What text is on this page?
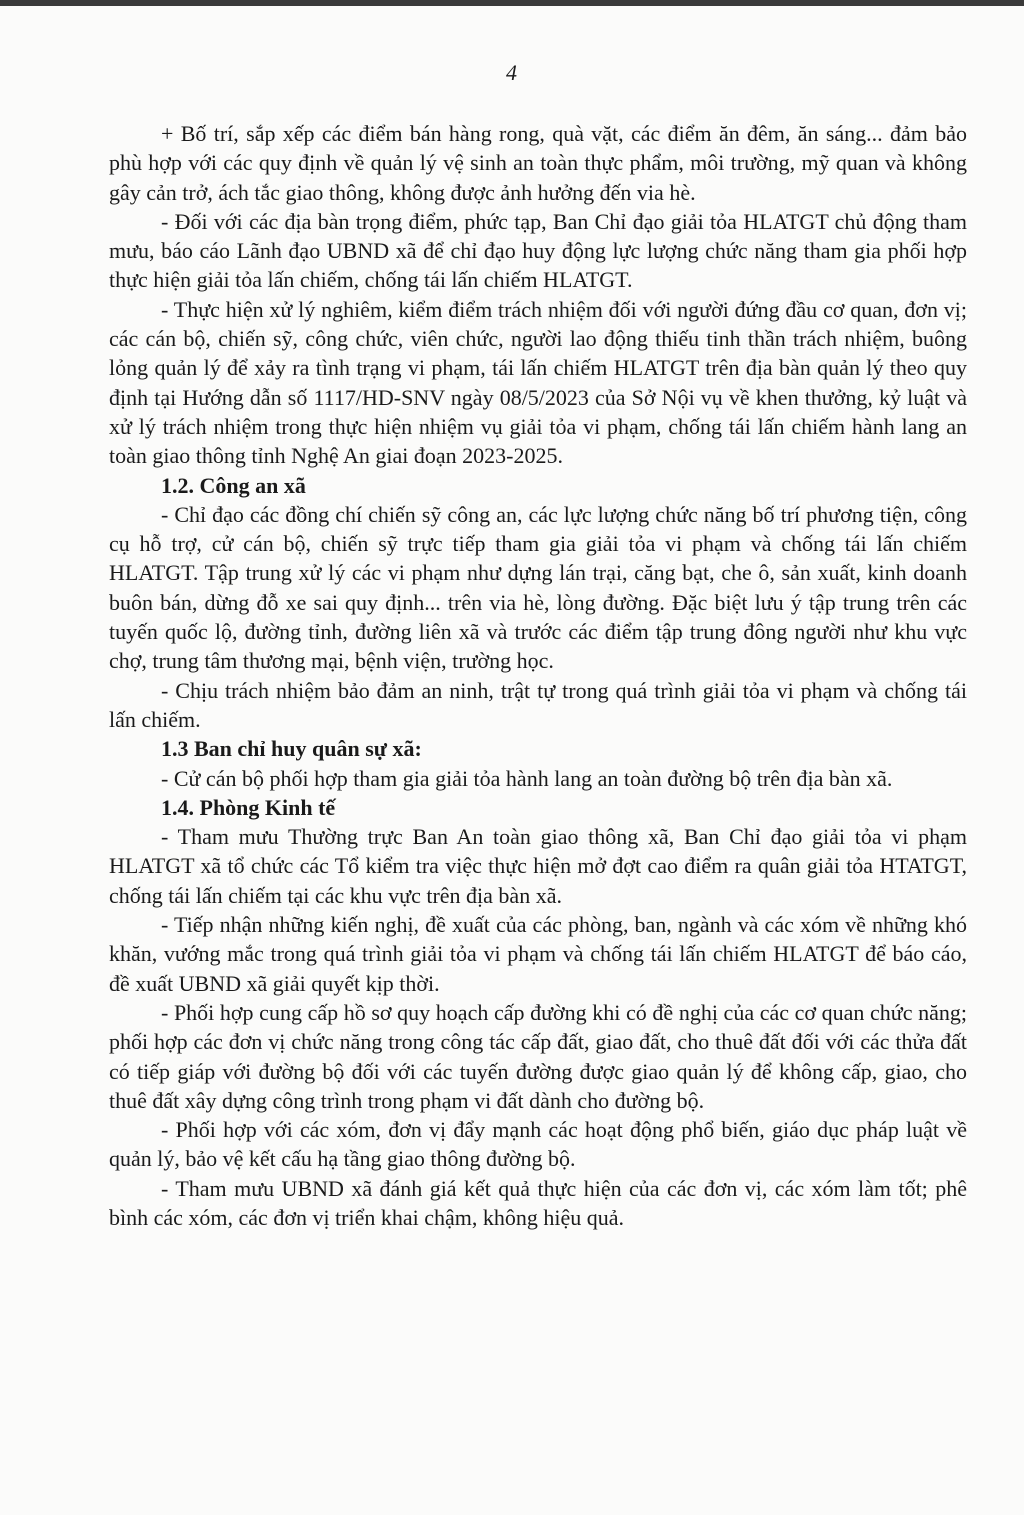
4

+ Bố trí, sắp xếp các điểm bán hàng rong, quà vặt, các điểm ăn đêm, ăn sáng... đảm bảo phù hợp với các quy định về quản lý vệ sinh an toàn thực phẩm, môi trường, mỹ quan và không gây cản trở, ách tắc giao thông, không được ảnh hưởng đến via hè.

- Đối với các địa bàn trọng điểm, phức tạp, Ban Chỉ đạo giải tỏa HLATGT chủ động tham mưu, báo cáo Lãnh đạo UBND xã để chỉ đạo huy động lực lượng chức năng tham gia phối hợp thực hiện giải tỏa lấn chiếm, chống tái lấn chiếm HLATGT.

- Thực hiện xử lý nghiêm, kiểm điểm trách nhiệm đối với người đứng đầu cơ quan, đơn vị; các cán bộ, chiến sỹ, công chức, viên chức, người lao động thiếu tinh thần trách nhiệm, buông lỏng quản lý để xảy ra tình trạng vi phạm, tái lấn chiếm HLATGT trên địa bàn quản lý theo quy định tại Hướng dẫn số 1117/HD-SNV ngày 08/5/2023 của Sở Nội vụ về khen thưởng, kỷ luật và xử lý trách nhiệm trong thực hiện nhiệm vụ giải tỏa vi phạm, chống tái lấn chiếm hành lang an toàn giao thông tỉnh Nghệ An giai đoạn 2023-2025.

1.2. Công an xã

- Chỉ đạo các đồng chí chiến sỹ công an, các lực lượng chức năng bố trí phương tiện, công cụ hỗ trợ, cử cán bộ, chiến sỹ trực tiếp tham gia giải tỏa vi phạm và chống tái lấn chiếm HLATGT. Tập trung xử lý các vi phạm như dựng lán trại, căng bạt, che ô, sản xuất, kinh doanh buôn bán, dừng đỗ xe sai quy định... trên via hè, lòng đường. Đặc biệt lưu ý tập trung trên các tuyến quốc lộ, đường tỉnh, đường liên xã và trước các điểm tập trung đông người như khu vực chợ, trung tâm thương mại, bệnh viện, trường học.

- Chịu trách nhiệm bảo đảm an ninh, trật tự trong quá trình giải tỏa vi phạm và chống tái lấn chiếm.

1.3 Ban chỉ huy quân sự xã:

- Cử cán bộ phối hợp tham gia giải tỏa hành lang an toàn đường bộ trên địa bàn xã.

1.4. Phòng Kinh tế

- Tham mưu Thường trực Ban An toàn giao thông xã, Ban Chỉ đạo giải tỏa vi phạm HLATGT xã tổ chức các Tổ kiểm tra việc thực hiện mở đợt cao điểm ra quân giải tỏa HTATGT, chống tái lấn chiếm tại các khu vực trên địa bàn xã.

- Tiếp nhận những kiến nghị, đề xuất của các phòng, ban, ngành và các xóm về những khó khăn, vướng mắc trong quá trình giải tỏa vi phạm và chống tái lấn chiếm HLATGT để báo cáo, đề xuất UBND xã giải quyết kịp thời.

- Phối hợp cung cấp hồ sơ quy hoạch cấp đường khi có đề nghị của các cơ quan chức năng; phối hợp các đơn vị chức năng trong công tác cấp đất, giao đất, cho thuê đất đối với các thửa đất có tiếp giáp với đường bộ đối với các tuyến đường được giao quản lý để không cấp, giao, cho thuê đất xây dựng công trình trong phạm vi đất dành cho đường bộ.

- Phối hợp với các xóm, đơn vị đẩy mạnh các hoạt động phổ biến, giáo dục pháp luật về quản lý, bảo vệ kết cấu hạ tầng giao thông đường bộ.

- Tham mưu UBND xã đánh giá kết quả thực hiện của các đơn vị, các xóm làm tốt; phê bình các xóm, các đơn vị triển khai chậm, không hiệu quả.
